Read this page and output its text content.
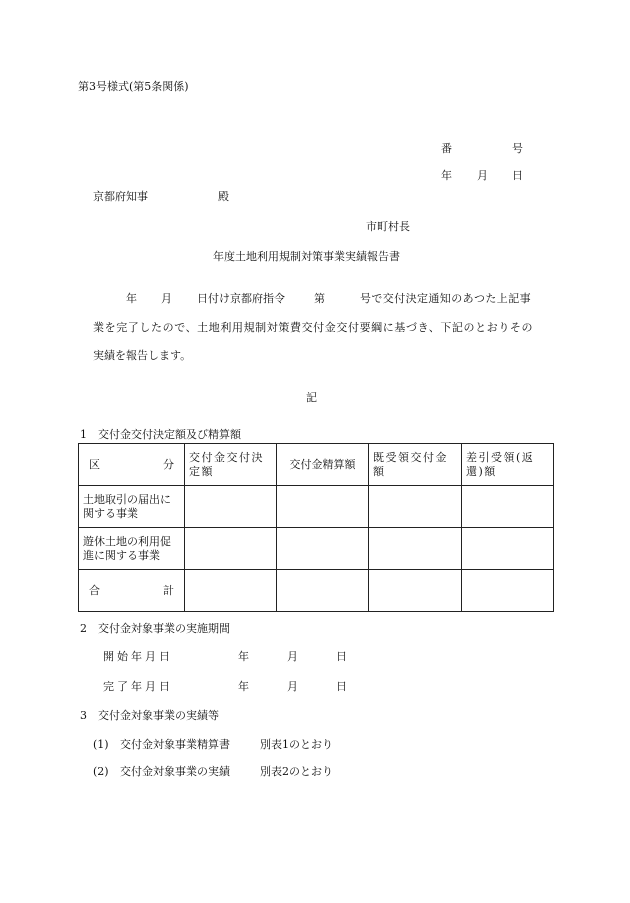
第3号様式(第5条関係)
番	号
年 月 日
京都府知事	殿
市町村長
年度土地利用規制対策事業実績報告書
年 月 日付け京都府指令	第	号で交付決定通知のあつた上記事
業を完了したので、土地利用規制対策費交付金交付要綱に基づき、下記のとおりその
実績を報告します。
記
1　交付金交付決定額及び精算額
区 分	交付金交付決定額	交付金精算額	既受領交付金額	差引受領(返還)額
土地取引の届出に関する事業				
遊休土地の利用促進に関する事業				

合 計				

2　交付金対象事業の実施期間
開始年月日	年	月	日
完了年月日	年	月	日
3　交付金対象事業の実績等
(1) 交付金対象事業精算書	別表1のとおり
(2) 交付金対象事業の実績	別表2のとおり
